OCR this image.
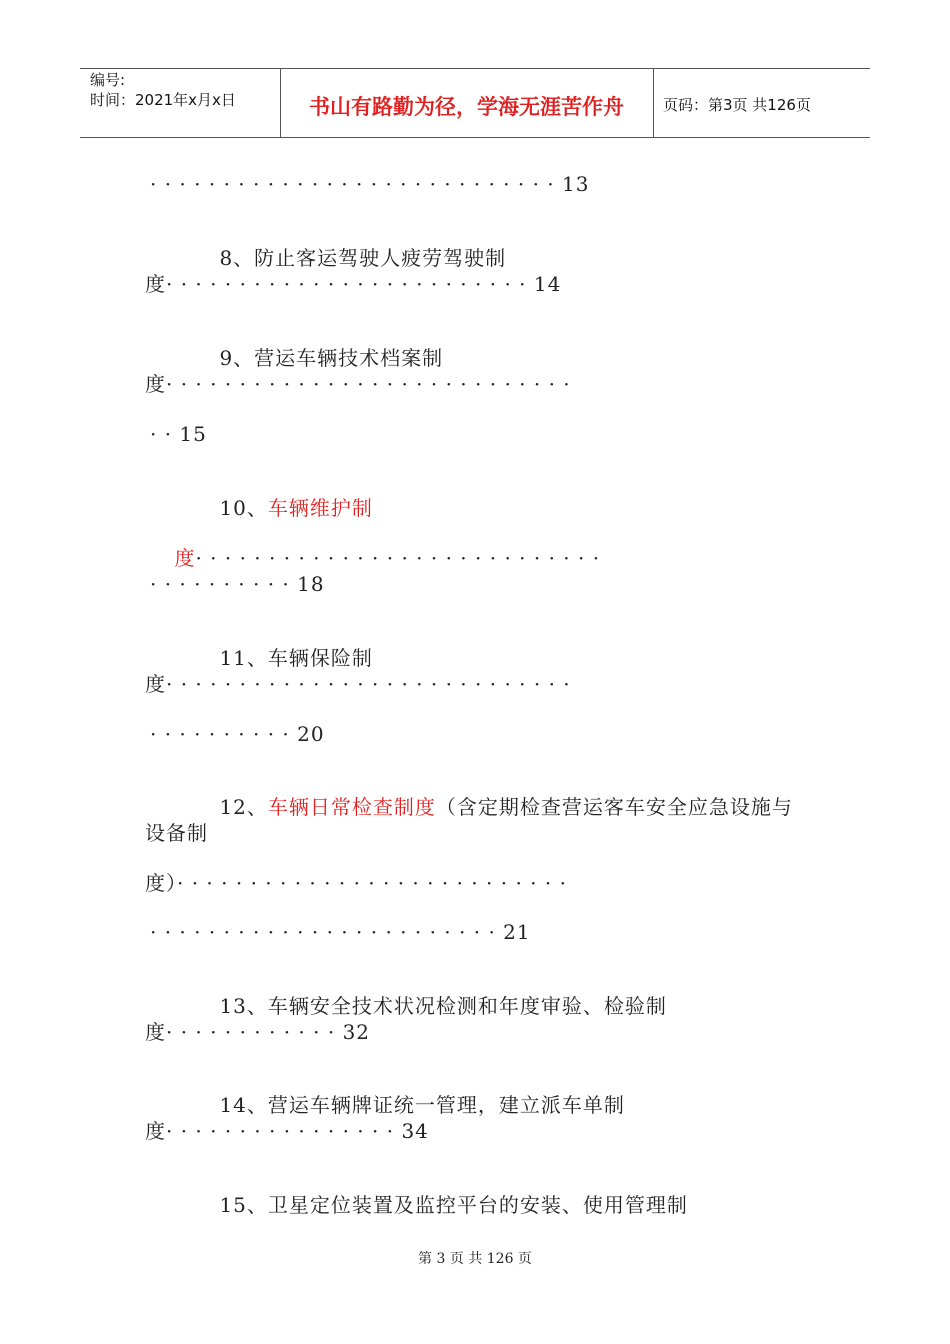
编号:
时间：2021年x月x日	书山有路勤为径，学海无涯苦作舟	页码：第3页 共126页
· · · · · · · · · · · · · · · · · · · · · · · · · · · · 13

8、防止客运驾驶人疲劳驾驶制

度· · · · · · · · · · · · · · · · · · · · · · · · · 14

9、营运车辆技术档案制

度· · · · · · · · · · · · · · · · · · · · · · · · · · · ·
· · 15

10、车辆维护制

度· · · · · · · · · · · · · · · · · · · · · · · · · · · ·

· · · · · · · · · · 18

11、车辆保险制

度· · · · · · · · · · · · · · · · · · · · · · · · · · · ·
· · · · · · · · · · 20

12、车辆日常检查制度（含定期检查营运客车安全应急设施与

设备制
度）· · · · · · · · · · · · · · · · · · · · · · · · · · ·
· · · · · · · · · · · · · · · · · · · · · · · · 21

13、车辆安全技术状况检测和年度审验、检验制

度· · · · · · · · · · · · 32

14、营运车辆牌证统一管理，建立派车单制

度· · · · · · · · · · · · · · · · 34

15、卫星定位装置及监控平台的安装、使用管理制

第 3 页 共 126 页
